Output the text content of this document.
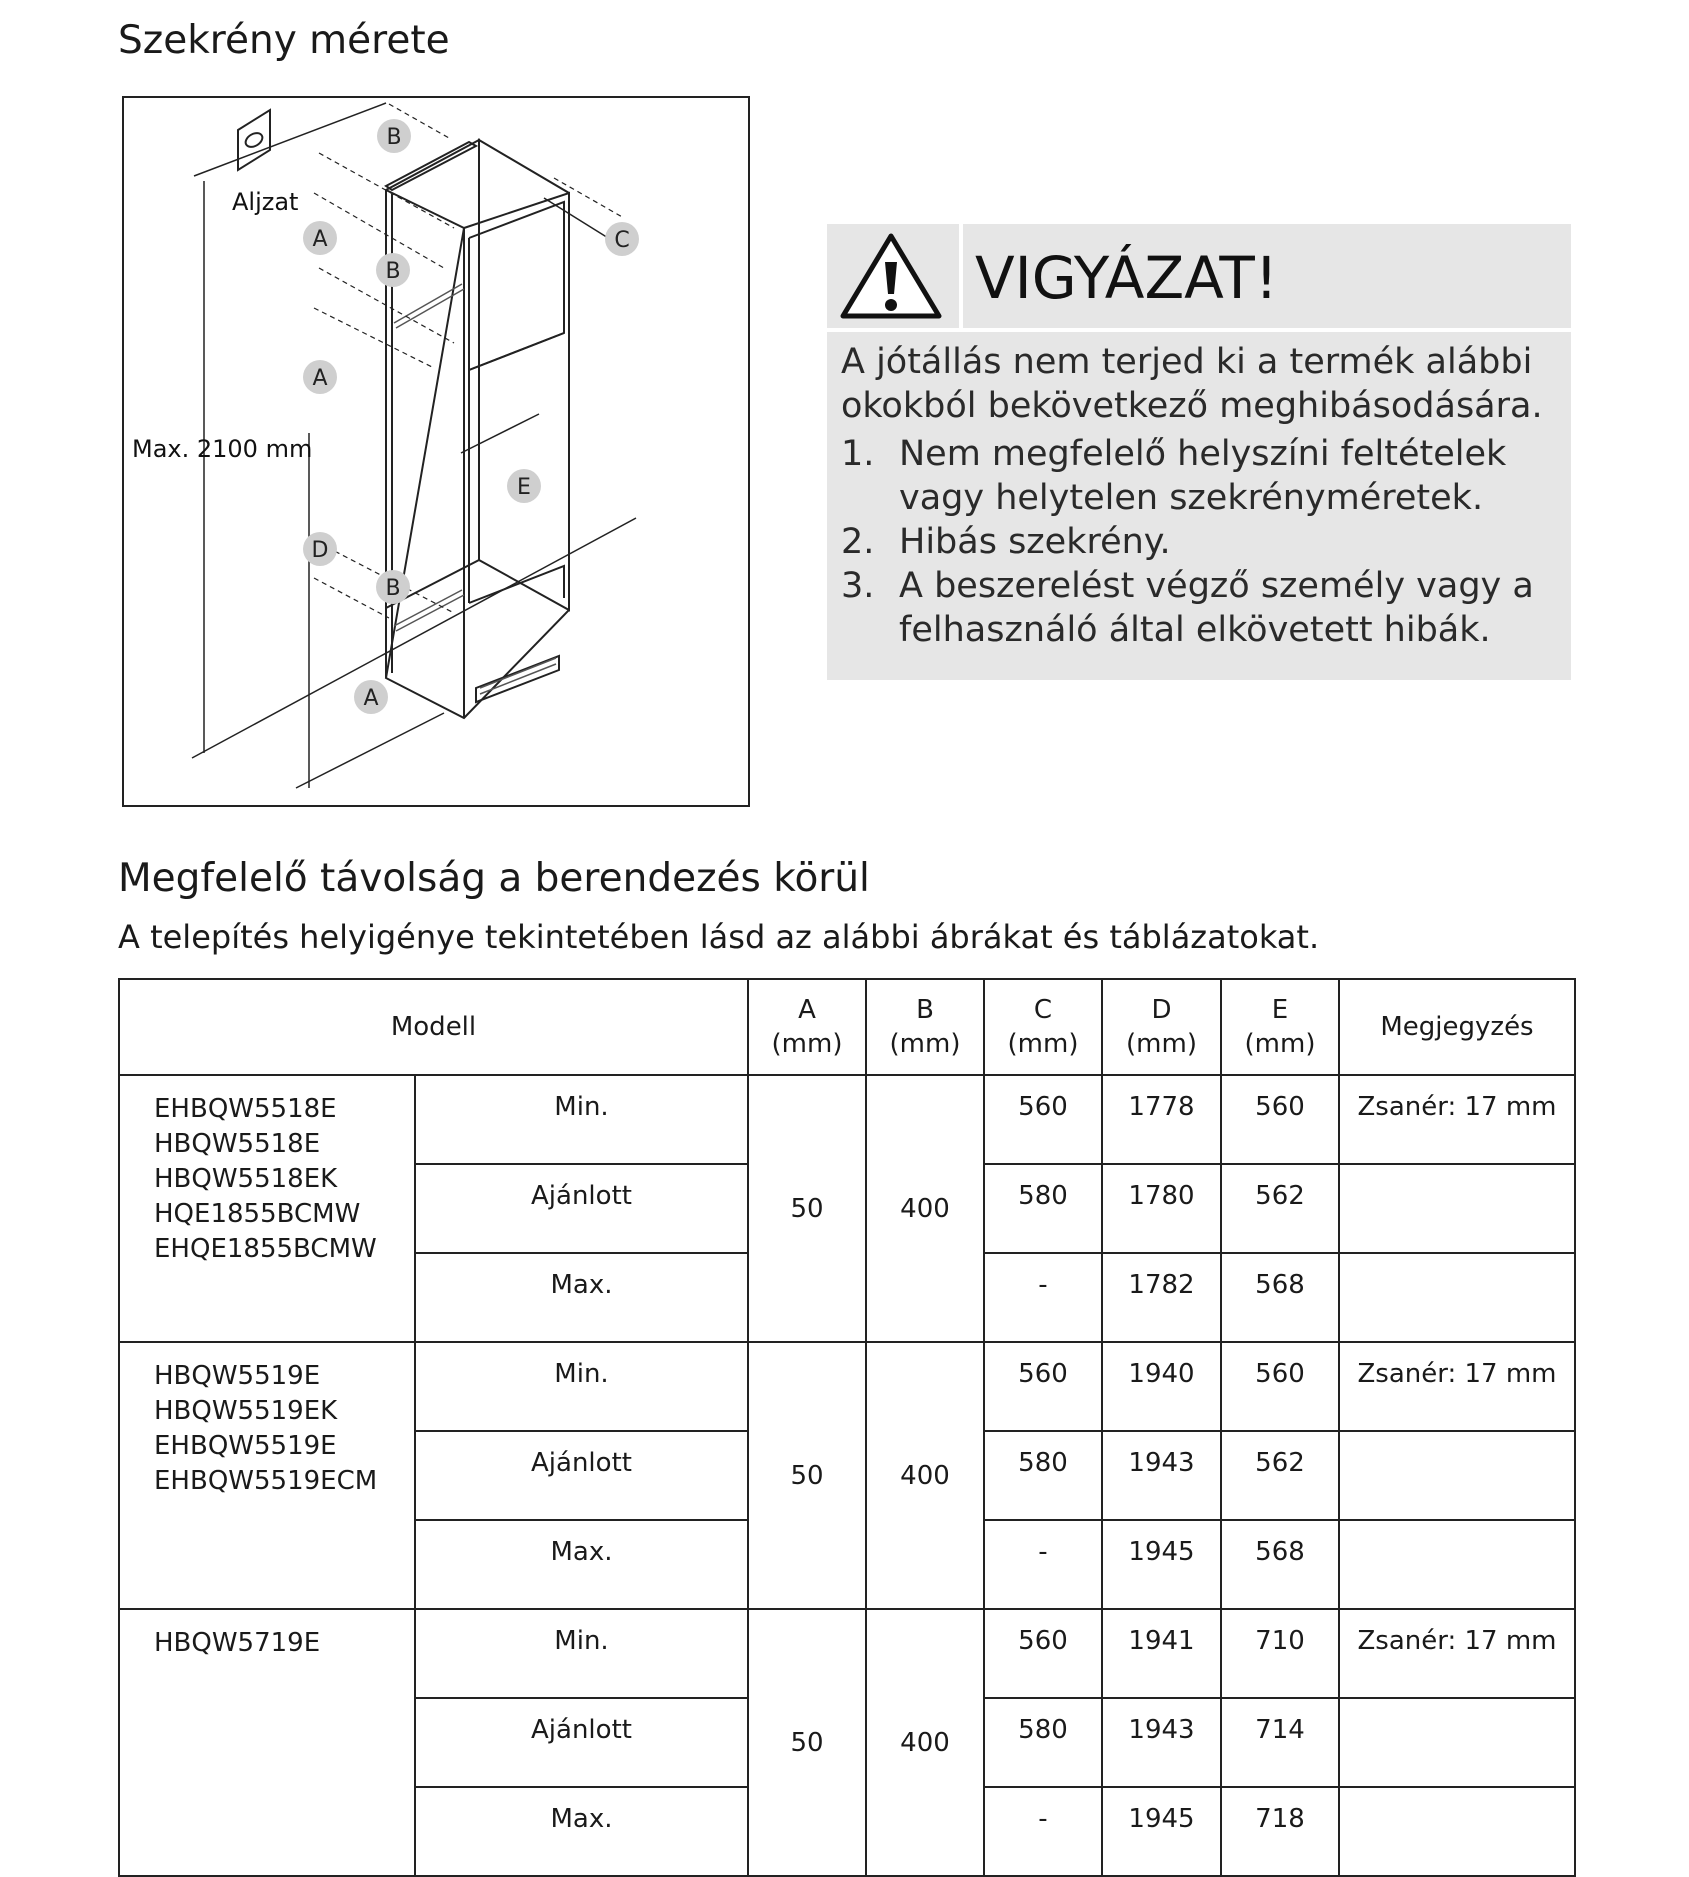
Szekrény mérete
B
A
B
A
C
E
D
B
A
Aljzat
Max. 2100 mm
VIGYÁZAT!

A jótállás nem terjed ki a termék alábbi okokból bekövetkező meghibásodására.

1. Nem megfelelő helyszíni feltételek vagy helytelen szekrényméretek.
2. Hibás szekrény.
3. A beszerelést végző személy vagy a felhasználó által elkövetett hibák.
Megfelelő távolság a berendezés körül

A telepítés helyigénye tekintetében lásd az alábbi ábrákat és táblázatokat.

Modell		A (mm)	B (mm)	C (mm)	D (mm)	E (mm)	Megjegyzés

EHBQW5518E
HBQW5518E
HBQW5518EK
HQE1855BCMW
EHQE1855BCMW	Min.	50	400	560	1778	560	Zsanér: 17 mm
	Ajánlott			580	1780	562	
	Max.			-	1782	568	

HBQW5519E
HBQW5519EK
EHBQW5519E
EHBQW5519ECM	Min.	50	400	560	1940	560	Zsanér: 17 mm
	Ajánlott			580	1943	562	
	Max.			-	1945	568	

HBQW5719E	Min.	50	400	560	1941	710	Zsanér: 17 mm
	Ajánlott			580	1943	714	
	Max.			-	1945	718	
